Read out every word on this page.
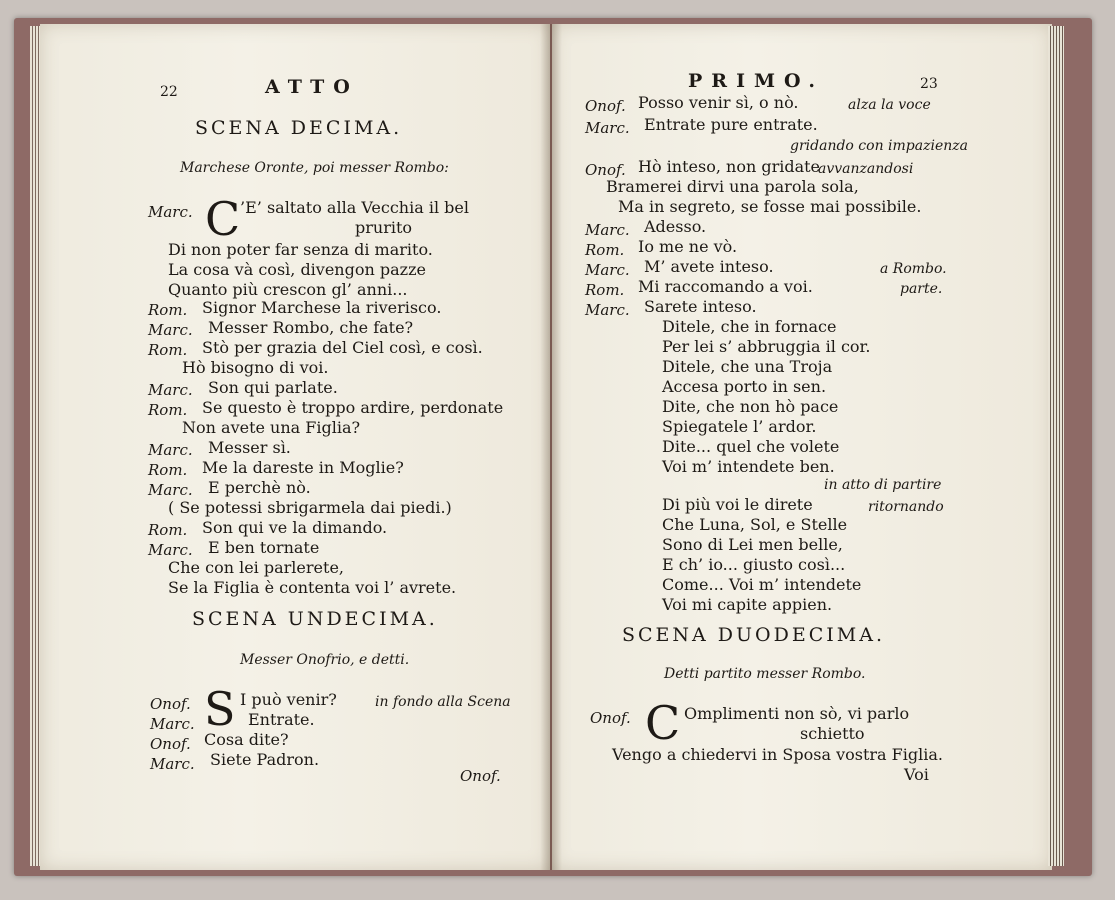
22	ATTO
SCENA DECIMA.
Marchese Oronte, poi messer Rombo:
C
Marc.	’E’ saltato alla Vecchia il bel
prurito
Di non poter far senza di marito.
La cosa và così, divengon pazze
Quanto più crescon gl’ anni...
Rom. Signor Marchese la riverisco.
Marc. Messer Rombo, che fate?
Rom. Stò per grazia del Ciel così, e così.
Hò bisogno di voi.
Marc. Son qui parlate.
Rom. Se questo è troppo ardire, perdonate
Non avete una Figlia?
Marc. Messer sì.
Rom. Me la dareste in Moglie?
Marc. E perchè nò.
( Se potessi sbrigarmela dai piedi.)
Rom. Son qui ve la dimando.
Marc. E ben tornate
Che con lei parlerete,
Se la Figlia è contenta voi l’ avrete.
SCENA UNDECIMA.
Messer Onofrio, e detti.
S
Onof.	I può venir?	in fondo alla Scena
Marc.	Entrate.
Onof. Cosa dite?
Marc. Siete Padron.
Onof.
PRIMO.	23
Onof. Posso venir sì, o nò.	alza la voce
Marc. Entrate pure entrate.
gridando con impazienza
Onof. Hò inteso, non gridate
avvanzandosi
Bramerei dirvi una parola sola,
Ma in segreto, se fosse mai possibile.
Marc. Adesso.
Rom. Io me ne vò.
Marc. M’ avete inteso.	a Rombo.
Rom. Mi raccomando a voi.	parte.
Marc. Sarete inteso.
Ditele, che in fornace
Per lei s’ abbruggia il cor.
Ditele, che una Troja
Accesa porto in sen.
Dite, che non hò pace
Spiegatele l’ ardor.
Dite... quel che volete
Voi m’ intendete ben.
in atto di partire
Di più voi le direte	ritornando
Che Luna, Sol, e Stelle
Sono di Lei men belle,
E ch’ io... giusto così...
Come... Voi m’ intendete
Voi mi capite appien.
SCENA DUODECIMA.
Detti partito messer Rombo.
C
Onof.	Omplimenti non sò, vi parlo
schietto
Vengo a chiedervi in Sposa vostra Figlia.
Voi
